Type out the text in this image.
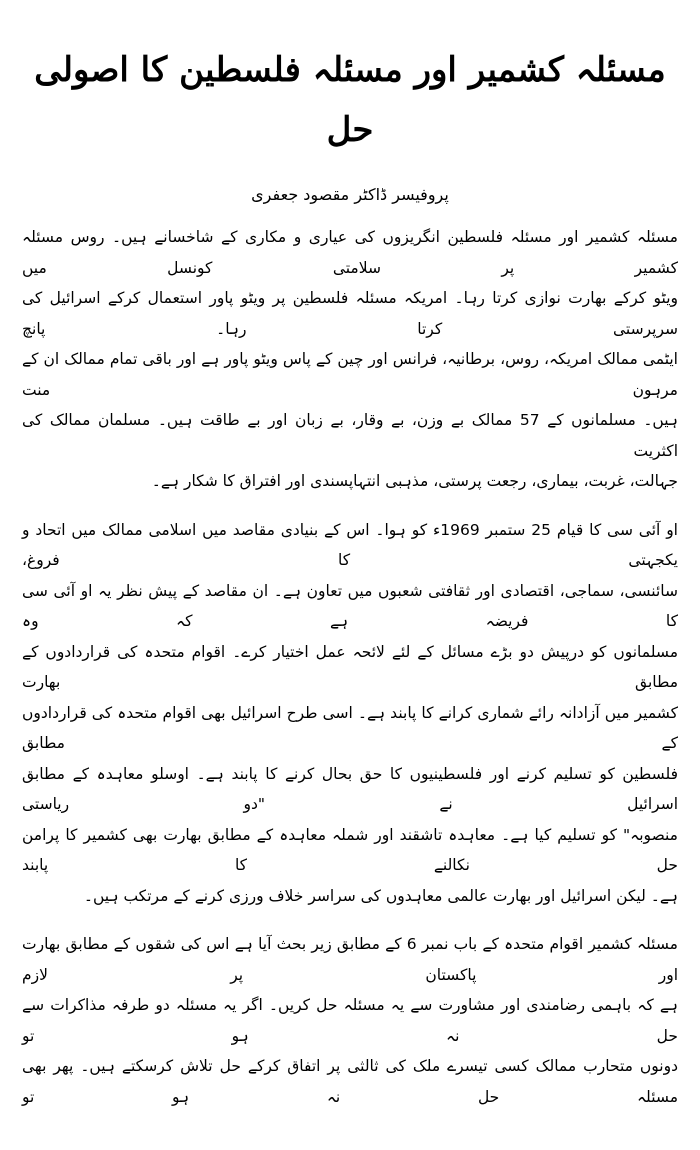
مسئلہ کشمیر اور مسئلہ فلسطین کا اصولی حل
پروفیسر ڈاکٹر مقصود جعفری
مسئلہ کشمیر اور مسئلہ فلسطین انگریزوں کی عیاری و مکاری کے شاخسانے ہیں۔ روس مسئلہ کشمیر پر سلامتی کونسل میں
ویٹو کرکے بھارت نوازی کرتا رہا۔ امریکہ مسئلہ فلسطین پر ویٹو پاور استعمال کرکے اسرائیل کی سرپرستی کرتا رہا۔ پانچ
ایٹمی ممالک امریکہ، روس، برطانیہ، فرانس اور چین کے پاس ویٹو پاور ہے اور باقی تمام ممالک ان کے مرہون منت
ہیں۔ مسلمانوں کے 57 ممالک بے وزن، بے وقار، بے زبان اور بے طاقت ہیں۔ مسلمان ممالک کی اکثریت
جہالت، غربت، بیماری، رجعت پرستی، مذہبی انتہاپسندی اور افتراق کا شکار ہے۔
او آئی سی کا قیام 25 ستمبر 1969ء کو ہوا۔ اس کے بنیادی مقاصد میں اسلامی ممالک میں اتحاد و یکجہتی کا فروغ،
سائنسی، سماجی، اقتصادی اور ثقافتی شعبوں میں تعاون ہے۔ ان مقاصد کے پیش نظر یہ او آئی سی کا فریضہ ہے کہ وہ
مسلمانوں کو درپیش دو بڑے مسائل کے لئے لائحہ عمل اختیار کرے۔ اقوام متحدہ کی قراردادوں کے مطابق بھارت
کشمیر میں آزادانہ رائے شماری کرانے کا پابند ہے۔ اسی طرح اسرائیل بھی اقوام متحدہ کی قراردادوں کے مطابق
فلسطین کو تسلیم کرنے اور فلسطینیوں کا حق بحال کرنے کا پابند ہے۔ اوسلو معاہدہ کے مطابق اسرائیل نے "دو ریاستی
منصوبہ" کو تسلیم کیا ہے۔ معاہدہ تاشقند اور شملہ معاہدہ کے مطابق بھارت بھی کشمیر کا پرامن حل نکالنے کا پابند
ہے۔ لیکن اسرائیل اور بھارت عالمی معاہدوں کی سراسر خلاف ورزی کرنے کے مرتکب ہیں۔
مسئلہ کشمیر اقوام متحدہ کے باب نمبر 6 کے مطابق زیر بحث آیا ہے اس کی شقوں کے مطابق بھارت اور پاکستان پر لازم
ہے کہ باہمی رضامندی اور مشاورت سے یہ مسئلہ حل کریں۔ اگر یہ مسئلہ دو طرفہ مذاکرات سے حل نہ ہو تو
دونوں متحارب ممالک کسی تیسرے ملک کی ثالثی پر اتفاق کرکے حل تلاش کرسکتے ہیں۔ پھر بھی مسئلہ حل نہ ہو تو
